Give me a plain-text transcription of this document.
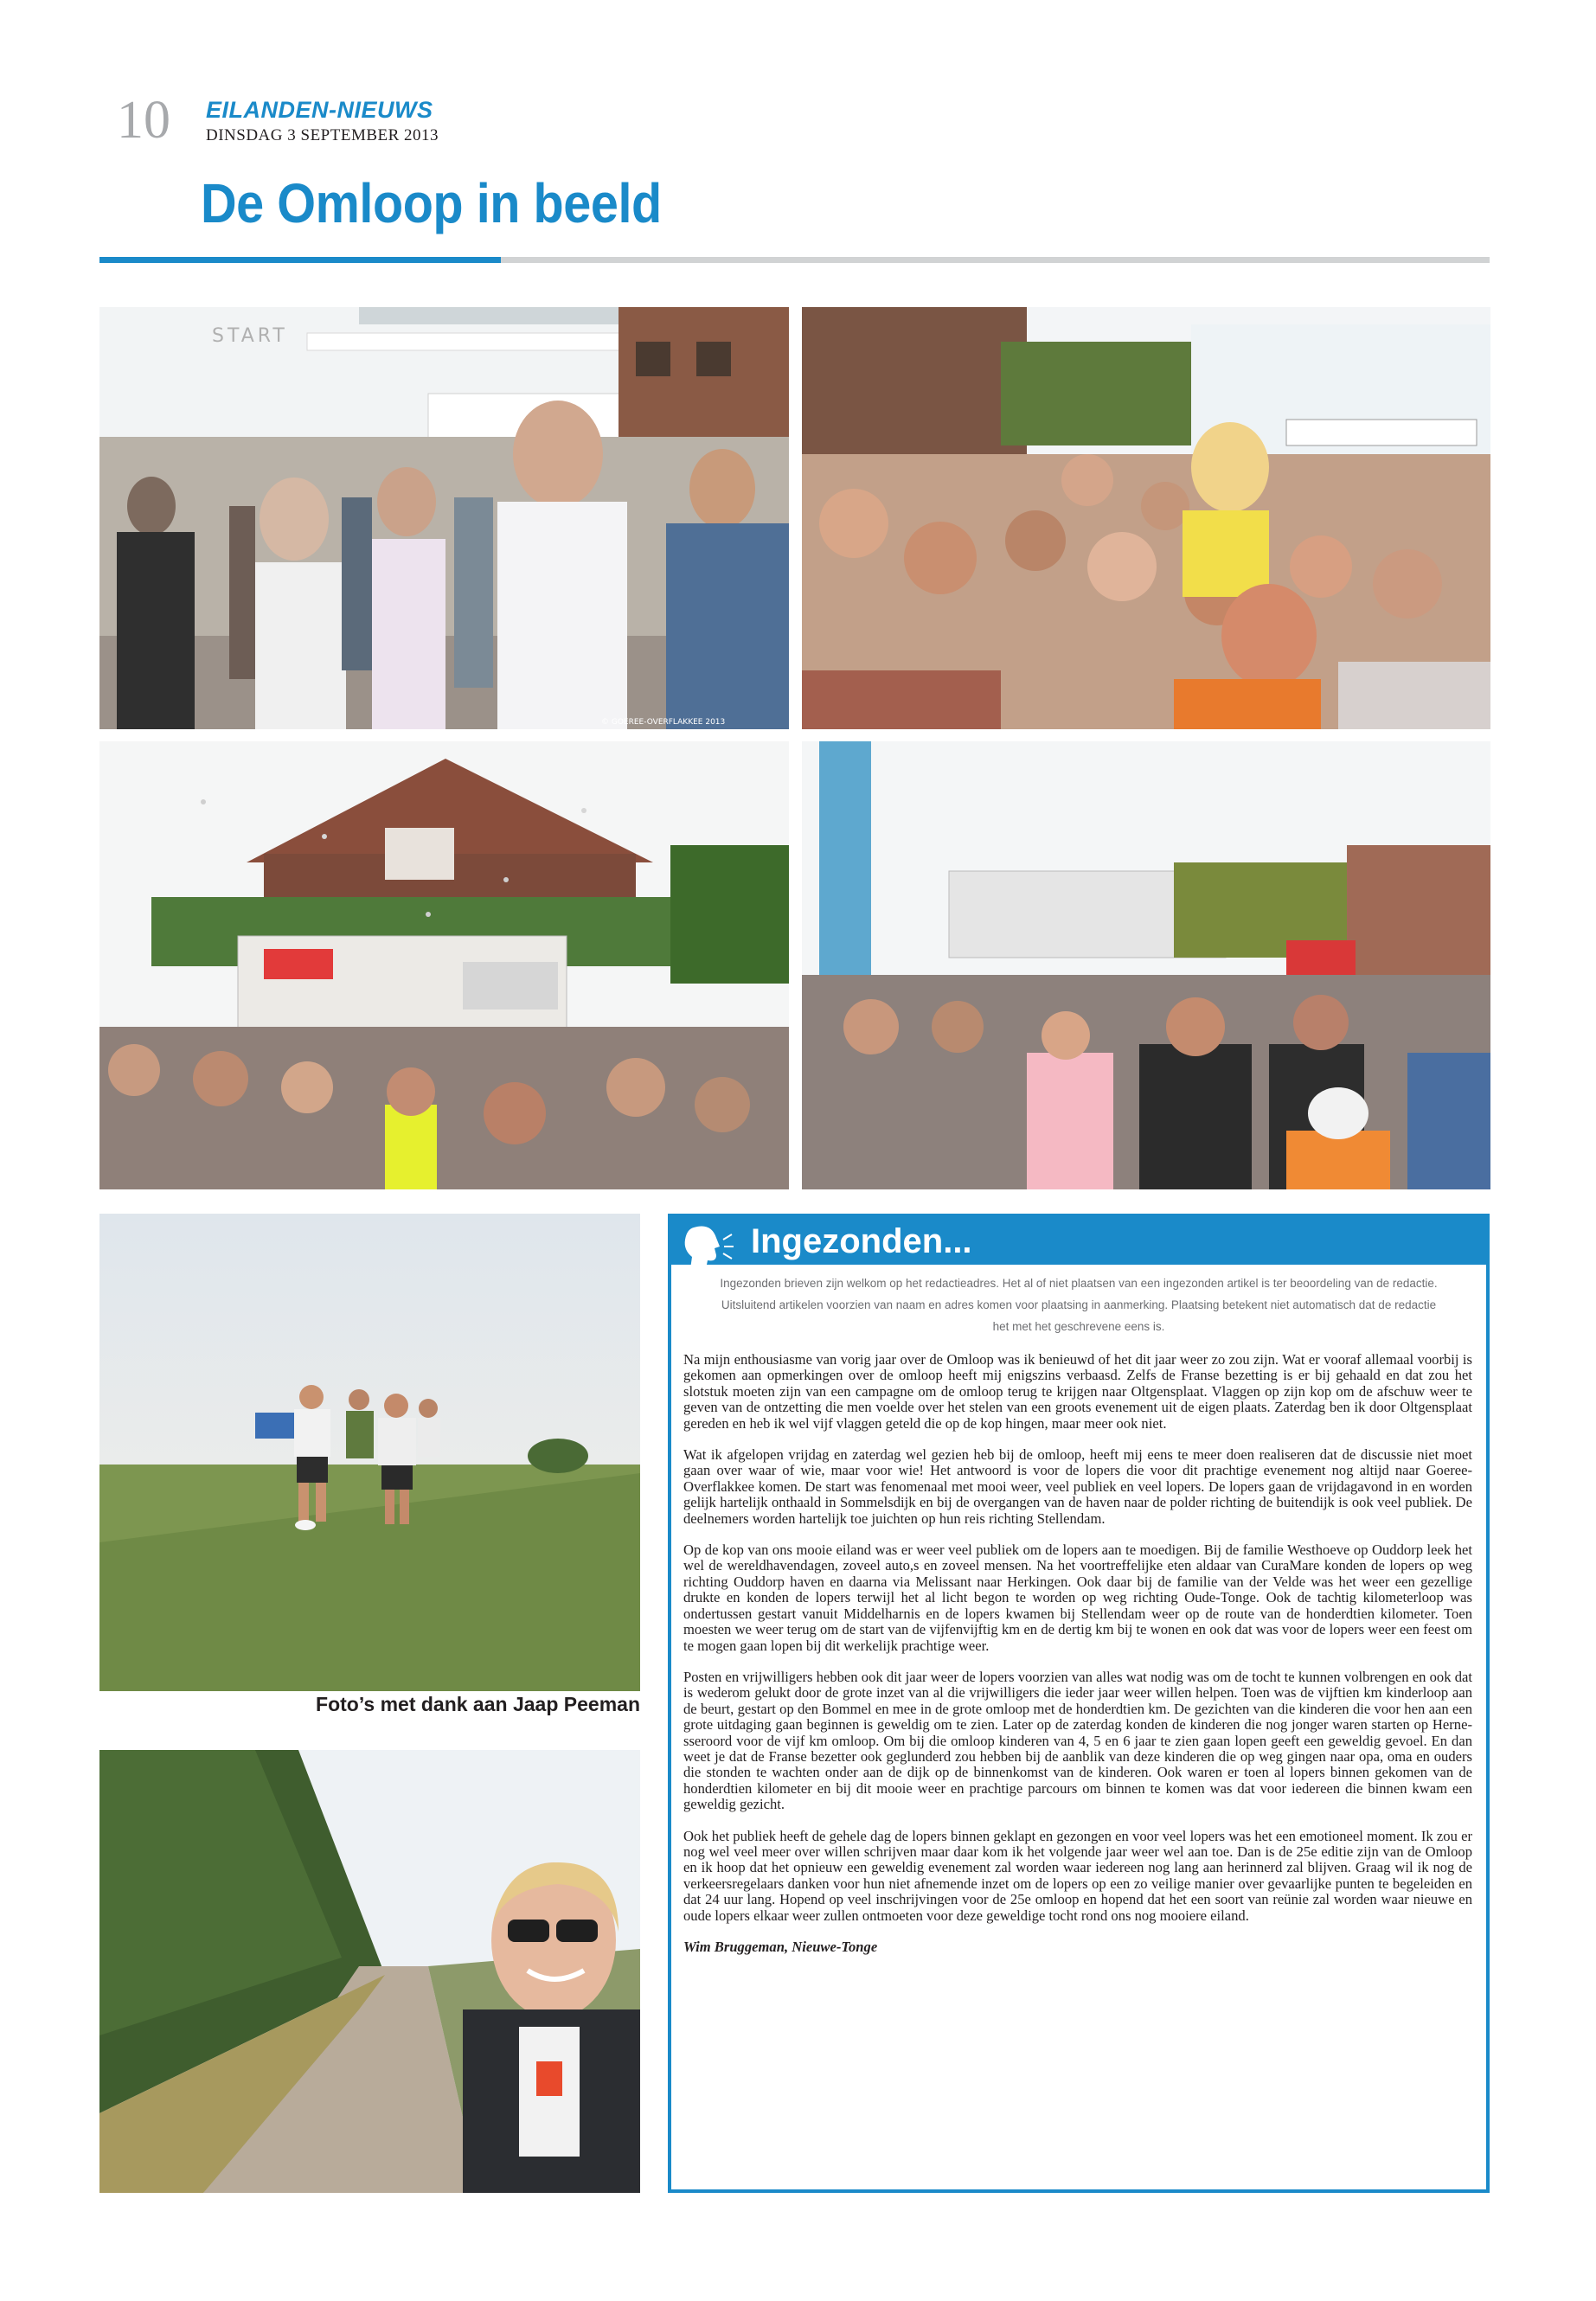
10 EILANDEN-NIEUWS
DINSDAG 3 SEPTEMBER 2013
De Omloop in beeld
START
© GOEREE-OVERFLAKKEE 2013
Foto’s met dank aan Jaap Peeman
Ingezonden...
Ingezonden brieven zijn welkom op het redactieadres. Het al of niet plaatsen van een ingezonden artikel is ter beoordeling van de redactie.
Uitsluitend artikelen voorzien van naam en adres komen voor plaatsing in aanmerking. Plaatsing betekent niet automatisch dat de redactie
het met het geschrevene eens is.

Na mijn enthousiasme van vorig jaar over de Omloop was ik benieuwd of het dit jaar weer zo zou zijn. Wat er vooraf allemaal voorbij is gekomen aan opmerkingen over de omloop heeft mij enigszins verbaasd. Zelfs de Franse bezetting is er bij gehaald en dat zou het slotstuk moeten zijn van een campagne om de omloop terug te krijgen naar Oltgensplaat. Vlaggen op zijn kop om de afschuw weer te geven van de ontzetting die men voelde over het stelen van een groots evenement uit de eigen plaats. Zaterdag ben ik door Oltgensplaat gereden en heb ik wel vijf vlaggen geteld die op de kop hingen, maar meer ook niet.

Wat ik afgelopen vrijdag en zaterdag wel gezien heb bij de omloop, heeft mij eens te meer doen realiseren dat de discussie niet moet gaan over waar of wie, maar voor wie! Het antwoord is voor de lopers die voor dit prachtige evenement nog altijd naar Goeree-Overflakkee komen. De start was fenomenaal met mooi weer, veel publiek en veel lopers. De lopers gaan de vrijdagavond in en worden gelijk hartelijk onthaald in Sommelsdijk en bij de overgangen van de haven naar de polder richting de buitendijk is ook veel publiek. De deelnemers worden hartelijk toe juichten op hun reis richting Stellendam.

Op de kop van ons mooie eiland was er weer veel publiek om de lopers aan te moedigen. Bij de familie Westhoeve op Ouddorp leek het wel de wereldhavendagen, zoveel auto,s en zoveel mensen. Na het voortreffelijke eten aldaar van CuraMare konden de lopers op weg richting Ouddorp haven en daarna via Melissant naar Herkingen. Ook daar bij de familie van der Velde was het weer een gezellige drukte en konden de lopers terwijl het al licht begon te worden op weg richting Oude-Tonge. Ook de tachtig kilometerloop was ondertussen gestart vanuit Middelharnis en de lopers kwamen bij Stellendam weer op de route van de honderdtien kilometer. Toen moesten we weer terug om de start van de vijfenvijftig km en de dertig km bij te wonen en ook dat was voor de lopers weer een feest om te mogen gaan lopen bij dit werkelijk prachtige weer.

Posten en vrijwilligers hebben ook dit jaar weer de lopers voorzien van alles wat nodig was om de tocht te kunnen volbrengen en ook dat is wederom gelukt door de grote inzet van al die vrijwilligers die ieder jaar weer willen helpen. Toen was de vijftien km kinderloop aan de beurt, gestart op den Bommel en mee in de grote omloop met de honderdtien km. De gezichten van die kinderen die voor hen aan een grote uitdaging gaan beginnen is geweldig om te zien. Later op de zaterdag konden de kinderen die nog jonger waren starten op Hernesseroord voor de vijf km omloop. Om bij die omloop kinderen van 4, 5 en 6 jaar te zien gaan lopen geeft een geweldig gevoel. En dan weet je dat de Franse bezetter ook geglunderd zou hebben bij de aanblik van deze kinderen die op weg gingen naar opa, oma en ouders die stonden te wachten onder aan de dijk op de binnenkomst van de kinderen. Ook waren er toen al lopers binnen gekomen van de honderdtien kilometer en bij dit mooie weer en prachtige parcours om binnen te komen was dat voor iedereen die binnen kwam een geweldig gezicht.

Ook het publiek heeft de gehele dag de lopers binnen geklapt en gezongen en voor veel lopers was het een emotioneel moment. Ik zou er nog wel veel meer over willen schrijven maar daar kom ik het volgende jaar weer wel aan toe. Dan is de 25e editie zijn van de Omloop en ik hoop dat het opnieuw een geweldig evenement zal worden waar iedereen nog lang aan herinnerd zal blijven. Graag wil ik nog de verkeersregelaars danken voor hun niet afnemende inzet om de lopers op een zo veilige manier over gevaarlijke punten te begeleiden en dat 24 uur lang. Hopend op veel inschrijvingen voor de 25e omloop en hopend dat het een soort van reünie zal worden waar nieuwe en oude lopers elkaar weer zullen ontmoeten voor deze geweldige tocht rond ons nog mooiere eiland.

Wim Bruggeman, Nieuwe-Tonge
